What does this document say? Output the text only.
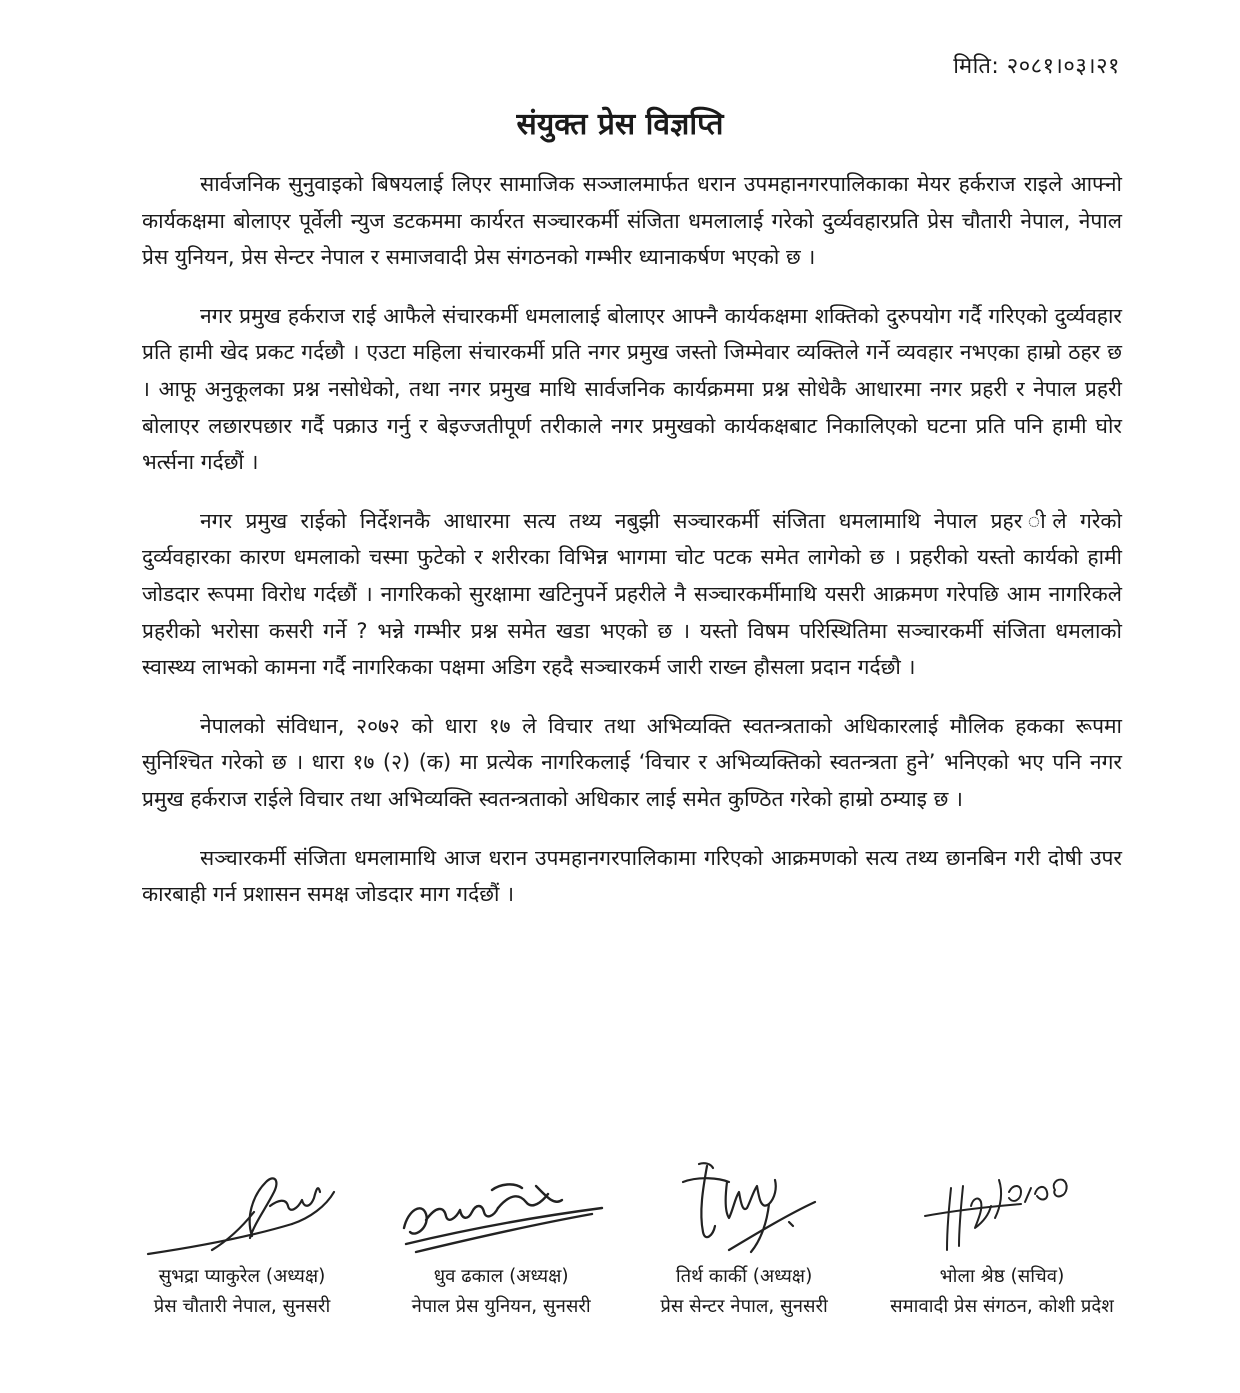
मिति: २०८१।०३।२१
संयुक्त प्रेस विज्ञप्ति

सार्वजनिक सुनुवाइको बिषयलाई लिएर सामाजिक सञ्जालमार्फत धरान उपमहानगरपालिकाका मेयर हर्कराज राइले आफ्नो कार्यकक्षमा बोलाएर पूर्वेली न्युज डटकममा कार्यरत सञ्चारकर्मी संजिता धमलालाई गरेको दुर्व्यवहारप्रति प्रेस चौतारी नेपाल, नेपाल प्रेस युनियन, प्रेस सेन्टर नेपाल र समाजवादी प्रेस संगठनको गम्भीर ध्यानाकर्षण भएको छ ।

नगर प्रमुख हर्कराज राई आफैले संचारकर्मी धमलालाई बोलाएर आफ्नै कार्यकक्षमा शक्तिको दुरुपयोग गर्दै गरिएको दुर्व्यवहार प्रति हामी खेद प्रकट गर्दछौ । एउटा महिला संचारकर्मी प्रति नगर प्रमुख जस्तो जिम्मेवार व्यक्तिले गर्ने व्यवहार नभएका हाम्रो ठहर छ । आफू अनुकूलका प्रश्न नसोधेको, तथा नगर प्रमुख माथि सार्वजनिक कार्यक्रममा प्रश्न सोधेकै आधारमा नगर प्रहरी र नेपाल प्रहरी बोलाएर लछारपछार गर्दै पक्राउ गर्नु र बेइज्जतीपूर्ण तरीकाले नगर प्रमुखको कार्यकक्षबाट निकालिएको घटना प्रति पनि हामी घोर भर्त्सना गर्दछौं ।

नगर प्रमुख राईको निर्देशनकै आधारमा सत्य तथ्य नबुझी सञ्चारकर्मी संजिता धमलामाथि नेपाल प्रहर ीले गरेको दुर्व्यवहारका कारण धमलाको चस्मा फुटेको र शरीरका विभिन्न भागमा चोट पटक समेत लागेको छ । प्रहरीको यस्तो कार्यको हामी जोडदार रूपमा विरोध गर्दछौं । नागरिकको सुरक्षामा खटिनुपर्ने प्रहरीले नै सञ्चारकर्मीमाथि यसरी आक्रमण गरेपछि आम नागरिकले प्रहरीको भरोसा कसरी गर्ने ? भन्ने गम्भीर प्रश्न समेत खडा भएको छ । यस्तो विषम परिस्थितिमा सञ्चारकर्मी संजिता धमलाको स्वास्थ्य लाभको कामना गर्दै नागरिकका पक्षमा अडिग रहदै सञ्चारकर्म जारी राख्न हौसला प्रदान गर्दछौ ।

नेपालको संविधान, २०७२ को धारा १७ ले विचार तथा अभिव्यक्ति स्वतन्त्रताको अधिकारलाई मौलिक हकका रूपमा सुनिश्चित गरेको छ । धारा १७ (२) (क) मा प्रत्येक नागरिकलाई ‘विचार र अभिव्यक्तिको स्वतन्त्रता हुने’ भनिएको भए पनि नगर प्रमुख हर्कराज राईले विचार तथा अभिव्यक्ति स्वतन्त्रताको अधिकार लाई समेत कुण्ठित गरेको हाम्रो ठम्याइ छ ।

सञ्चारकर्मी संजिता धमलामाथि आज धरान उपमहानगरपालिकामा गरिएको आक्रमणको सत्य तथ्य छानबिन गरी दोषी उपर कारबाही गर्न प्रशासन समक्ष जोडदार माग गर्दछौं ।

सुभद्रा प्याकुरेल (अध्यक्ष)
प्रेस चौतारी नेपाल, सुनसरी
धुव ढकाल (अध्यक्ष)
नेपाल प्रेस युनियन, सुनसरी
तिर्थ कार्की (अध्यक्ष)
प्रेस सेन्टर नेपाल, सुनसरी
भोला श्रेष्ठ (सचिव)
समावादी प्रेस संगठन, कोशी प्रदेश
